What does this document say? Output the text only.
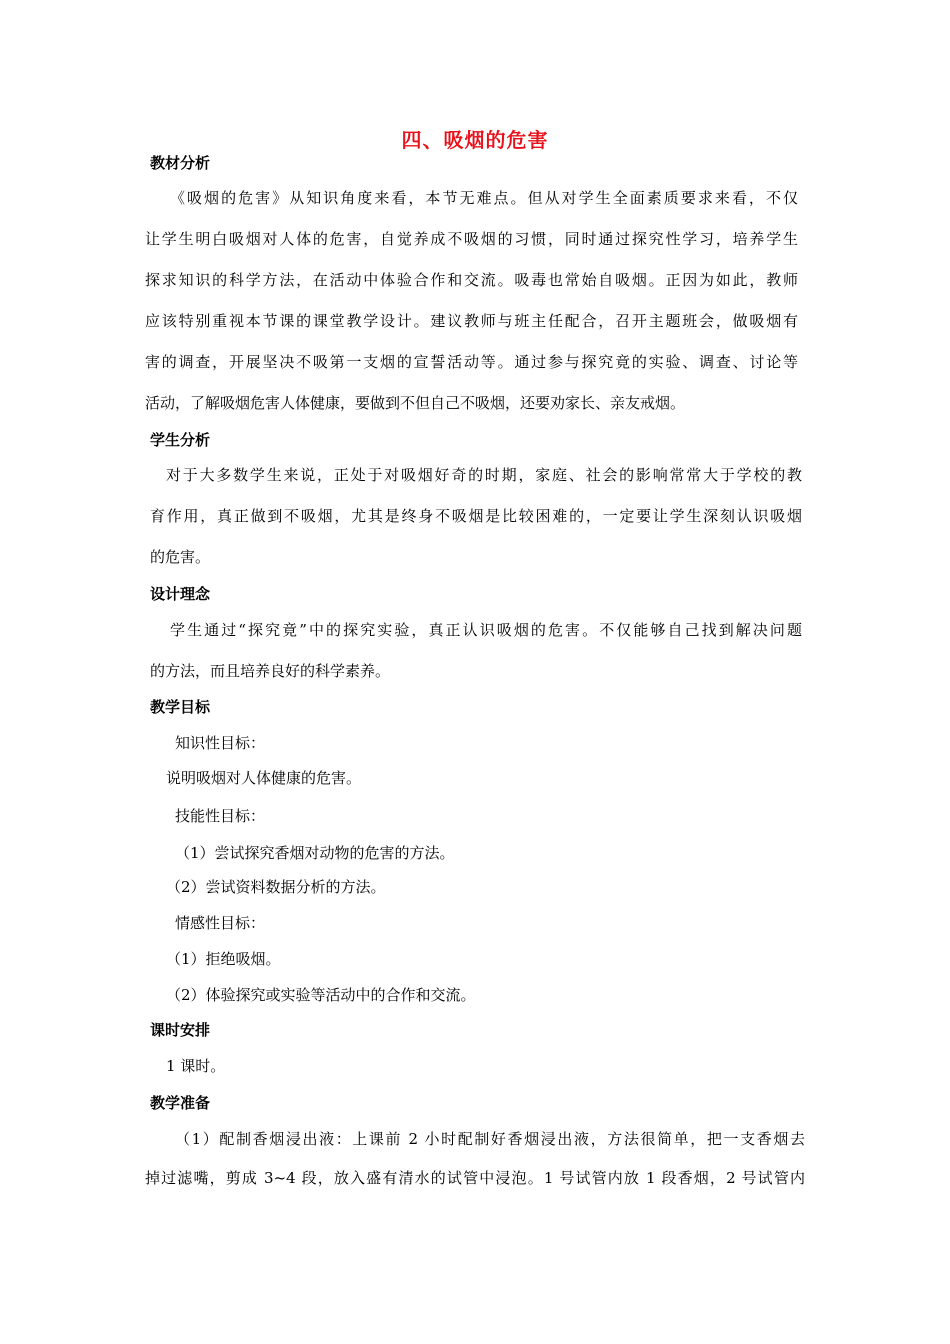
四、吸烟的危害
教材分析
《吸烟的危害》从知识角度来看，本节无难点。但从对学生全面素质要求来看，不仅
让学生明白吸烟对人体的危害，自觉养成不吸烟的习惯，同时通过探究性学习，培养学生
探求知识的科学方法，在活动中体验合作和交流。吸毒也常始自吸烟。正因为如此，教师
应该特别重视本节课的课堂教学设计。建议教师与班主任配合，召开主题班会，做吸烟有
害的调查，开展坚决不吸第一支烟的宣誓活动等。通过参与探究竟的实验、调查、讨论等
活动，了解吸烟危害人体健康，要做到不但自己不吸烟，还要劝家长、亲友戒烟。
学生分析
对于大多数学生来说，正处于对吸烟好奇的时期，家庭、社会的影响常常大于学校的教
育作用，真正做到不吸烟，尤其是终身不吸烟是比较困难的，一定要让学生深刻认识吸烟
的危害。
设计理念
学生通过“探究竟”中的探究实验，真正认识吸烟的危害。不仅能够自己找到解决问题
的方法，而且培养良好的科学素养。
教学目标
知识性目标：
说明吸烟对人体健康的危害。
技能性目标：
（1）尝试探究香烟对动物的危害的方法。
（2）尝试资料数据分析的方法。
情感性目标：
（1）拒绝吸烟。
（2）体验探究或实验等活动中的合作和交流。
课时安排
1 课时。
教学准备
（1）配制香烟浸出液：上课前 2 小时配制好香烟浸出液，方法很简单，把一支香烟去
掉过滤嘴，剪成 3~4 段，放入盛有清水的试管中浸泡。1 号试管内放 1 段香烟，2 号试管内
